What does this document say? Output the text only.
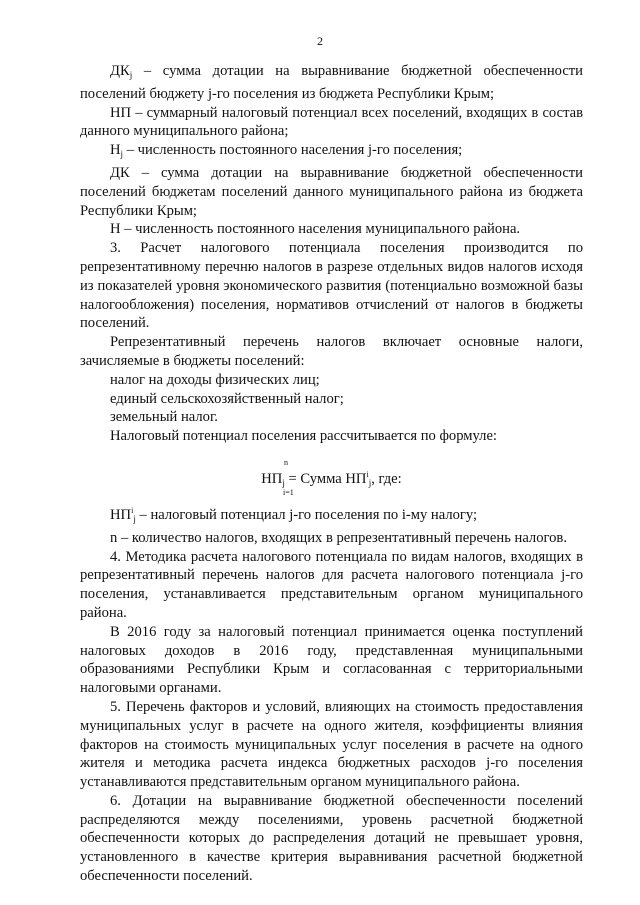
2

$ДК_j$ – сумма дотации на выравнивание бюджетной обеспеченности поселений бюджету j-го поселения из бюджета Республики Крым;

НП – суммарный налоговый потенциал всех поселений, входящих в состав данного муниципального района;

$Н_j$ – численность постоянного населения j-го поселения;

ДК – сумма дотации на выравнивание бюджетной обеспеченности поселений бюджетам поселений данного муниципального района из бюджета Республики Крым;

Н – численность постоянного населения муниципального района.

3. Расчет налогового потенциала поселения производится по репрезентативному перечню налогов в разрезе отдельных видов налогов исходя из показателей уровня экономического развития (потенциально возможной базы налогообложения) поселения, нормативов отчислений от налогов в бюджеты поселений.

Репрезентативный перечень налогов включает основные налоги, зачисляемые в бюджеты поселений:

налог на доходы физических лиц;

единый сельскохозяйственный налог;

земельный налог.

Налоговый потенциал поселения рассчитывается по формуле:

n
$НП_j$ = Сумма $НП^i_j$, где:
i=1

$НП^i_j$ – налоговый потенциал j-го поселения по i-му налогу;

n – количество налогов, входящих в репрезентативный перечень налогов.

4. Методика расчета налогового потенциала по видам налогов, входящих в репрезентативный перечень налогов для расчета налогового потенциала j-го поселения, устанавливается представительным органом муниципального района.

В 2016 году за налоговый потенциал принимается оценка поступлений налоговых доходов в 2016 году, представленная муниципальными образованиями Республики Крым и согласованная с территориальными налоговыми органами.

5. Перечень факторов и условий, влияющих на стоимость предоставления муниципальных услуг в расчете на одного жителя, коэффициенты влияния факторов на стоимость муниципальных услуг поселения в расчете на одного жителя и методика расчета индекса бюджетных расходов j-го поселения устанавливаются представительным органом муниципального района.

6. Дотации на выравнивание бюджетной обеспеченности поселений распределяются между поселениями, уровень расчетной бюджетной обеспеченности которых до распределения дотаций не превышает уровня, установленного в качестве критерия выравнивания расчетной бюджетной обеспеченности поселений.
